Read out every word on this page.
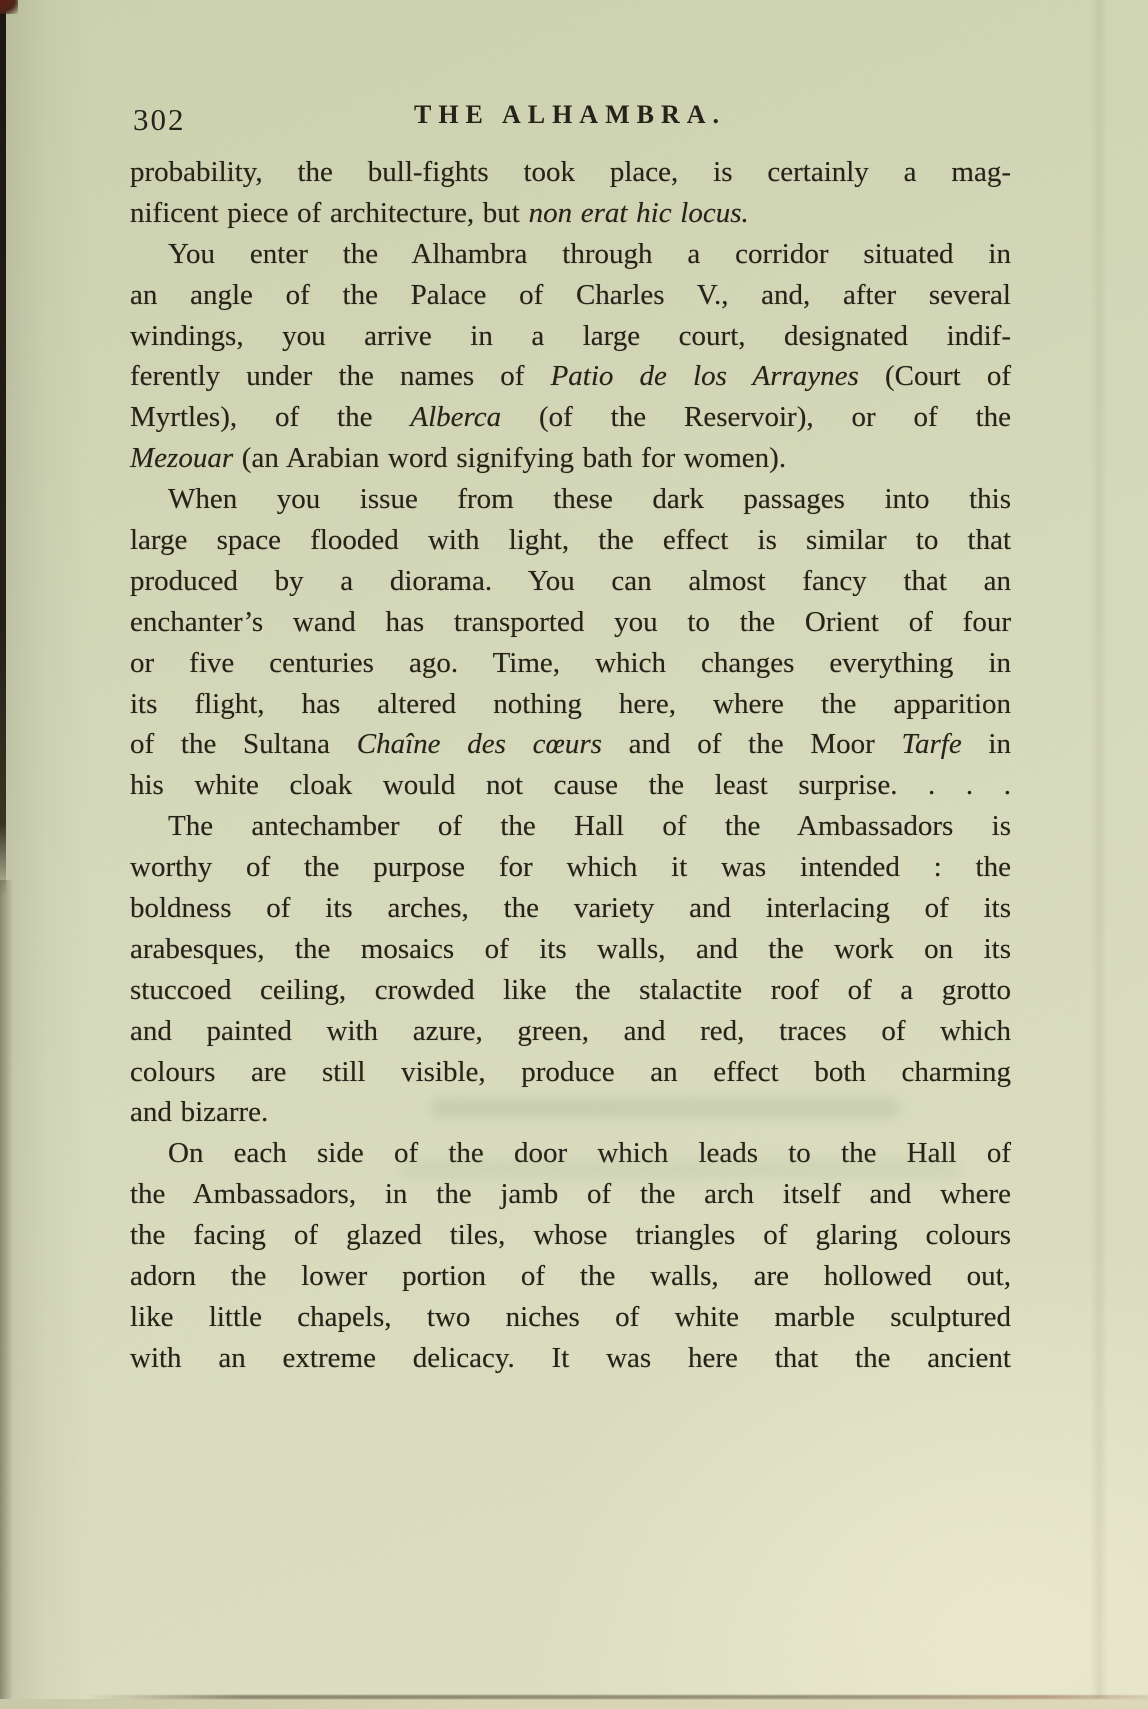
302	THE ALHAMBRA.
probability, the bull-fights took place, is certainly a mag-
nificent piece of architecture, but non erat hic locus.
You enter the Alhambra through a corridor situated in
an angle of the Palace of Charles V., and, after several
windings, you arrive in a large court, designated indif-
ferently under the names of Patio de los Arraynes (Court of
Myrtles), of the Alberca (of the Reservoir), or of the
Mezouar (an Arabian word signifying bath for women).
When you issue from these dark passages into this
large space flooded with light, the effect is similar to that
produced by a diorama. You can almost fancy that an
enchanter’s wand has transported you to the Orient of four
or five centuries ago. Time, which changes everything in
its flight, has altered nothing here, where the apparition
of the Sultana Chaîne des cœurs and of the Moor Tarfe in
his white cloak would not cause the least surprise. . . .
The antechamber of the Hall of the Ambassadors is
worthy of the purpose for which it was intended : the
boldness of its arches, the variety and interlacing of its
arabesques, the mosaics of its walls, and the work on its
stuccoed ceiling, crowded like the stalactite roof of a grotto
and painted with azure, green, and red, traces of which
colours are still visible, produce an effect both charming
and bizarre.
On each side of the door which leads to the Hall of
the Ambassadors, in the jamb of the arch itself and where
the facing of glazed tiles, whose triangles of glaring colours
adorn the lower portion of the walls, are hollowed out,
like little chapels, two niches of white marble sculptured
with an extreme delicacy. It was here that the ancient
